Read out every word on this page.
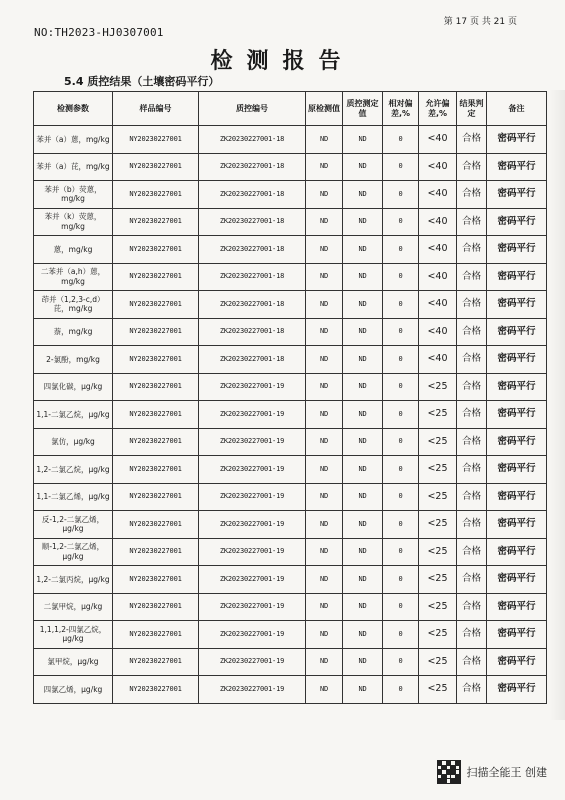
NO:TH2023-HJ0307001
第 17 页 共 21 页
检测报告
5.4 质控结果（土壤密码平行）
检测参数	样品编号	质控编号	原检测值	质控测定值	相对偏差,%	允许偏差,%	结果判定	备注
苯并（a）蒽，mg/kg	NY20230227001	ZK20230227001-18	ND	ND	0	<40	合格	密码平行
苯并（a）芘，mg/kg	NY20230227001	ZK20230227001-18	ND	ND	0	<40	合格	密码平行
苯并（b）荧蒽，mg/kg	NY20230227001	ZK20230227001-18	ND	ND	0	<40	合格	密码平行
苯并（k）荧蒽，mg/kg	NY20230227001	ZK20230227001-18	ND	ND	0	<40	合格	密码平行
蒽，mg/kg	NY20230227001	ZK20230227001-18	ND	ND	0	<40	合格	密码平行
二苯并（a,h）蒽，mg/kg	NY20230227001	ZK20230227001-18	ND	ND	0	<40	合格	密码平行
茚并（1,2,3-c,d）芘，mg/kg	NY20230227001	ZK20230227001-18	ND	ND	0	<40	合格	密码平行
萘，mg/kg	NY20230227001	ZK20230227001-18	ND	ND	0	<40	合格	密码平行
2-氯酚，mg/kg	NY20230227001	ZK20230227001-18	ND	ND	0	<40	合格	密码平行
四氯化碳，μg/kg	NY20230227001	ZK20230227001-19	ND	ND	0	<25	合格	密码平行
1,1-二氯乙烷，μg/kg	NY20230227001	ZK20230227001-19	ND	ND	0	<25	合格	密码平行
氯仿，μg/kg	NY20230227001	ZK20230227001-19	ND	ND	0	<25	合格	密码平行
1,2-二氯乙烷，μg/kg	NY20230227001	ZK20230227001-19	ND	ND	0	<25	合格	密码平行
1,1-二氯乙烯，μg/kg	NY20230227001	ZK20230227001-19	ND	ND	0	<25	合格	密码平行
反-1,2-二氯乙烯，μg/kg	NY20230227001	ZK20230227001-19	ND	ND	0	<25	合格	密码平行
顺-1,2-二氯乙烯，μg/kg	NY20230227001	ZK20230227001-19	ND	ND	0	<25	合格	密码平行
1,2-二氯丙烷，μg/kg	NY20230227001	ZK20230227001-19	ND	ND	0	<25	合格	密码平行
二氯甲烷，μg/kg	NY20230227001	ZK20230227001-19	ND	ND	0	<25	合格	密码平行
1,1,1,2-四氯乙烷，μg/kg	NY20230227001	ZK20230227001-19	ND	ND	0	<25	合格	密码平行
氯甲烷，μg/kg	NY20230227001	ZK20230227001-19	ND	ND	0	<25	合格	密码平行
四氯乙烯，μg/kg	NY20230227001	ZK20230227001-19	ND	ND	0	<25	合格	密码平行
扫描全能王 创建
